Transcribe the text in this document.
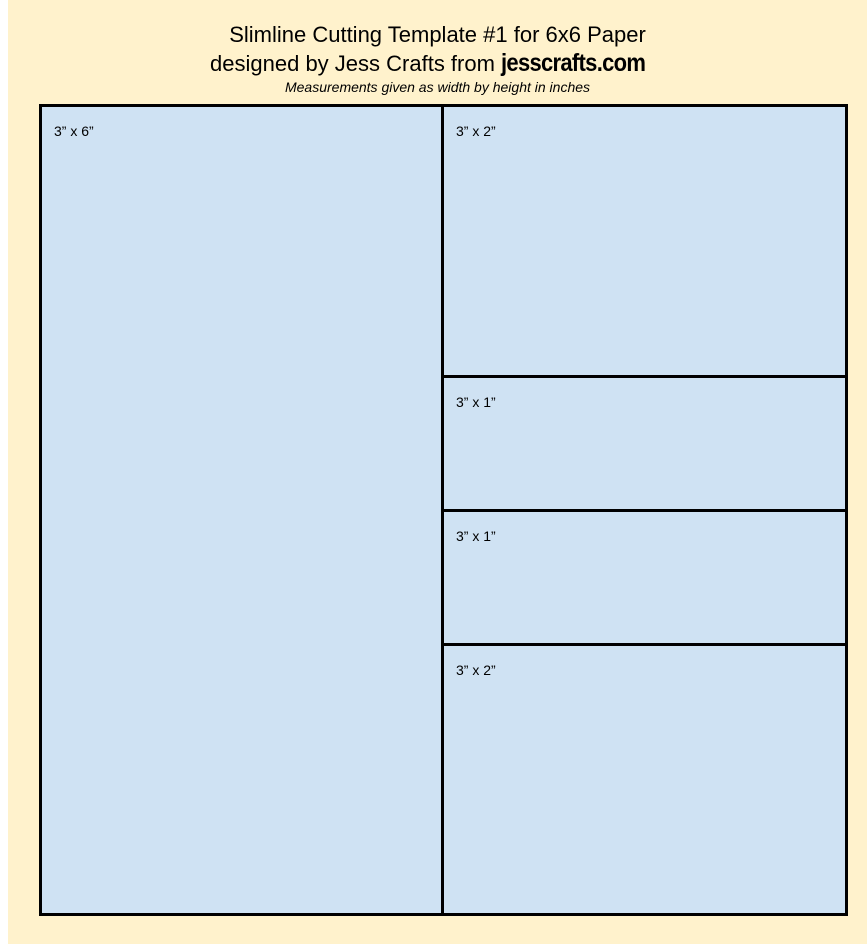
Slimline Cutting Template #1 for 6x6 Paper
designed by Jess Crafts from jesscrafts.com
Measurements given as width by height in inches
3” x 6”	3” x 2”
3” x 1”
3” x 1”
3” x 2”
